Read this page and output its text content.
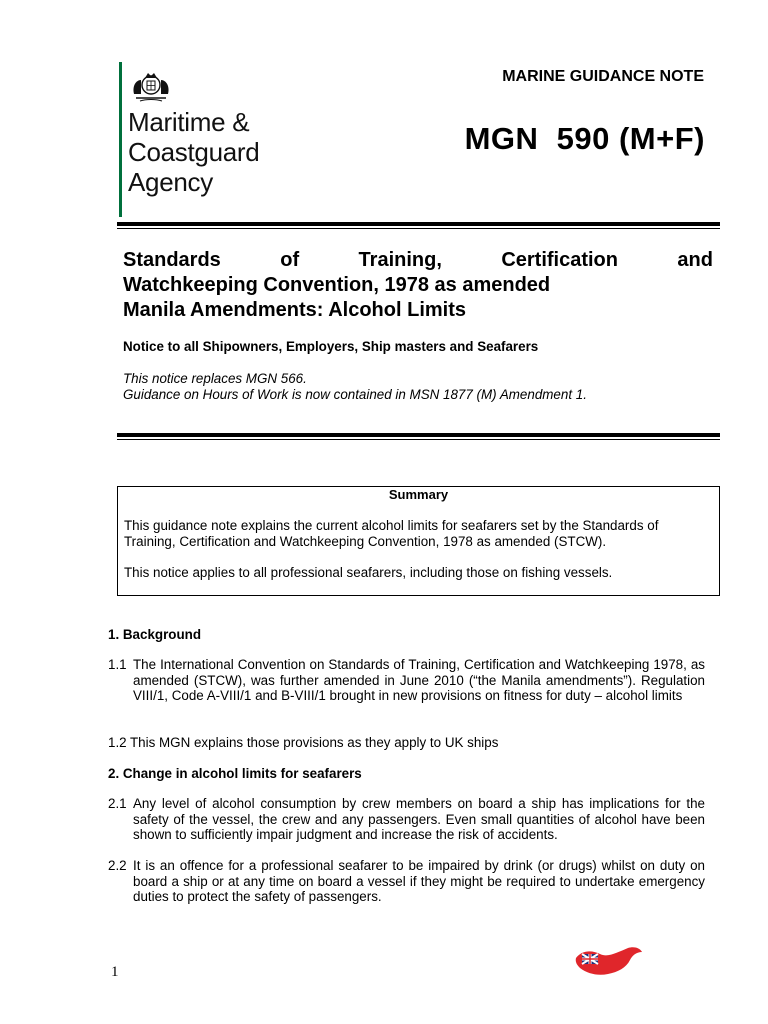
Maritime &
Coastguard
Agency
MARINE GUIDANCE NOTE
MGN  590 (M+F)
Standards	of	Training,	Certification	and
Watchkeeping Convention, 1978 as amended
Manila Amendments: Alcohol Limits
Notice to all Shipowners, Employers, Ship masters and Seafarers
This notice replaces MGN 566.
Guidance on Hours of Work is now contained in MSN 1877 (M) Amendment 1.
Summary
This guidance note explains the current alcohol limits for seafarers set by the Standards of Training, Certification and Watchkeeping Convention, 1978 as amended (STCW).
This notice applies to all professional seafarers, including those on fishing vessels.
1. Background
1.1 The International Convention on Standards of Training, Certification and Watchkeeping 1978, as amended (STCW), was further amended in June 2010 (“the Manila amendments”). Regulation VIII/1, Code A-VIII/1 and B-VIII/1 brought in new provisions on fitness for duty – alcohol limits
1.2 This MGN explains those provisions as they apply to UK ships
2. Change in alcohol limits for seafarers
2.1 Any level of alcohol consumption by crew members on board a ship has implications for the safety of the vessel, the crew and any passengers. Even small quantities of alcohol have been shown to sufficiently impair judgment and increase the risk of accidents.
2.2 It is an offence for a professional seafarer to be impaired by drink (or drugs) whilst on duty on board a ship or at any time on board a vessel if they might be required to undertake emergency duties to protect the safety of passengers.
1
